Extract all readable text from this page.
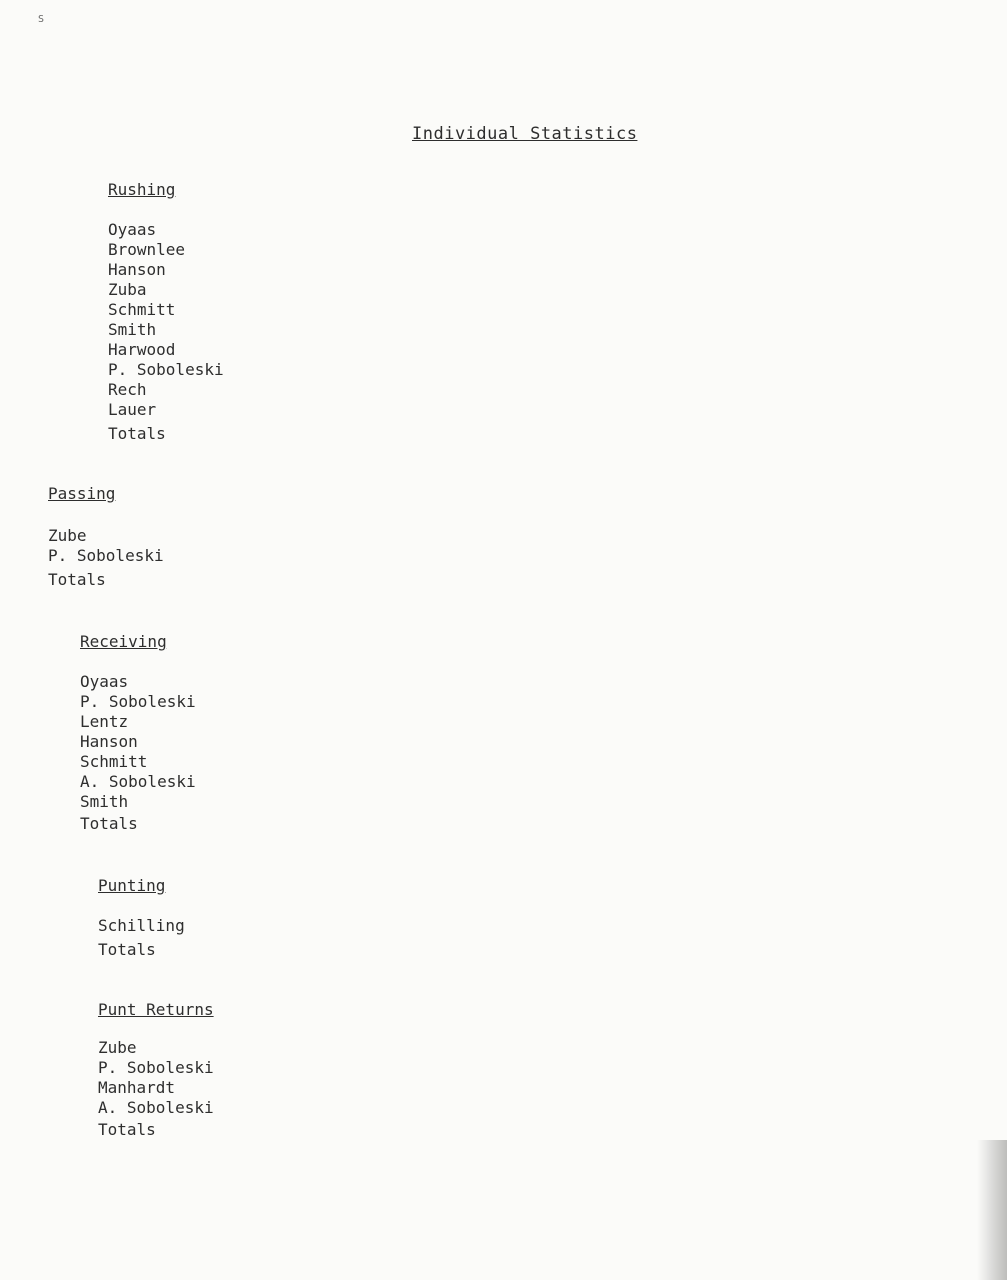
S
Individual Statistics
Rushing
Oyaas
Brownlee
Hanson
Zuba
Schmitt
Smith
Harwood
P. Soboleski
Rech
Lauer
Totals
Passing
Zube
P. Soboleski
Totals
Receiving
Oyaas
P. Soboleski
Lentz
Hanson
Schmitt
A. Soboleski
Smith
Totals
Punting
Schilling
Totals
Punt Returns
Zube
P. Soboleski
Manhardt
A. Soboleski
Totals
